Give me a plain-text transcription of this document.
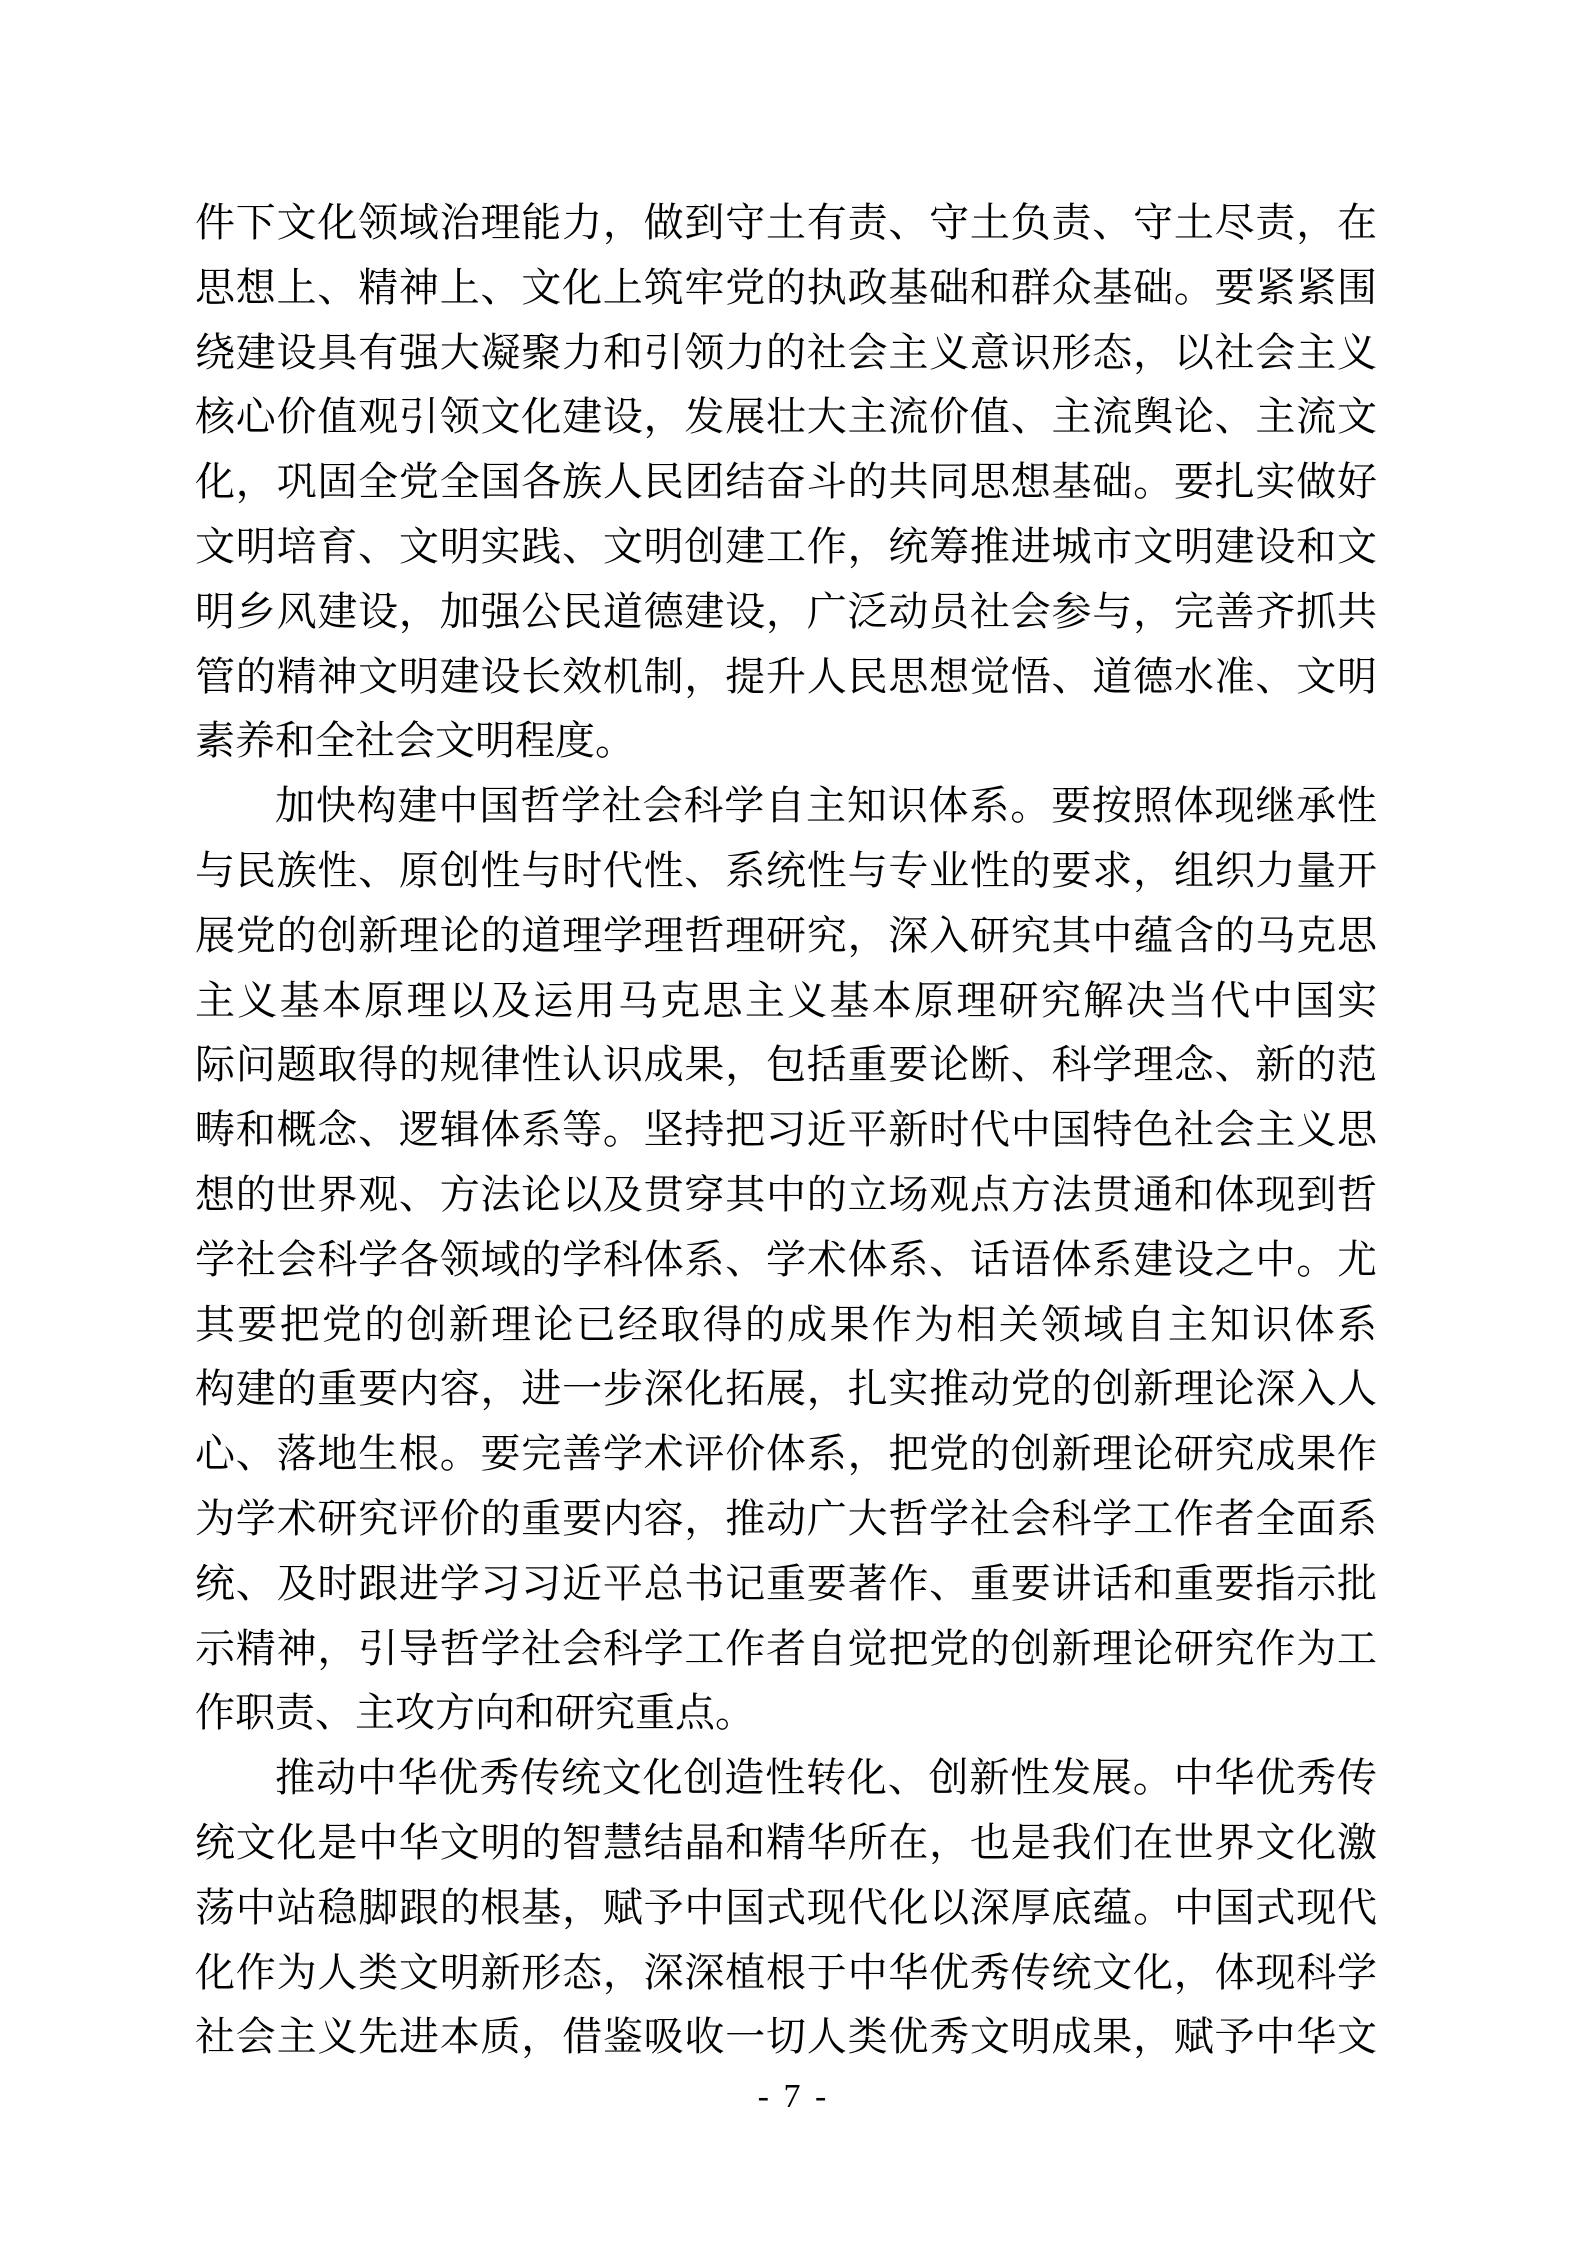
件下文化领域治理能力，做到守土有责、守土负责、守土尽责，在
思想上、精神上、文化上筑牢党的执政基础和群众基础。要紧紧围
绕建设具有强大凝聚力和引领力的社会主义意识形态，以社会主义
核心价值观引领文化建设，发展壮大主流价值、主流舆论、主流文
化，巩固全党全国各族人民团结奋斗的共同思想基础。要扎实做好
文明培育、文明实践、文明创建工作，统筹推进城市文明建设和文
明乡风建设，加强公民道德建设，广泛动员社会参与，完善齐抓共
管的精神文明建设长效机制，提升人民思想觉悟、道德水准、文明
素养和全社会文明程度。
加快构建中国哲学社会科学自主知识体系。要按照体现继承性
与民族性、原创性与时代性、系统性与专业性的要求，组织力量开
展党的创新理论的道理学理哲理研究，深入研究其中蕴含的马克思
主义基本原理以及运用马克思主义基本原理研究解决当代中国实
际问题取得的规律性认识成果，包括重要论断、科学理念、新的范
畴和概念、逻辑体系等。坚持把习近平新时代中国特色社会主义思
想的世界观、方法论以及贯穿其中的立场观点方法贯通和体现到哲
学社会科学各领域的学科体系、学术体系、话语体系建设之中。尤
其要把党的创新理论已经取得的成果作为相关领域自主知识体系
构建的重要内容，进一步深化拓展，扎实推动党的创新理论深入人
心、落地生根。要完善学术评价体系，把党的创新理论研究成果作
为学术研究评价的重要内容，推动广大哲学社会科学工作者全面系
统、及时跟进学习习近平总书记重要著作、重要讲话和重要指示批
示精神，引导哲学社会科学工作者自觉把党的创新理论研究作为工
作职责、主攻方向和研究重点。
推动中华优秀传统文化创造性转化、创新性发展。中华优秀传
统文化是中华文明的智慧结晶和精华所在，也是我们在世界文化激
荡中站稳脚跟的根基，赋予中国式现代化以深厚底蕴。中国式现代
化作为人类文明新形态，深深植根于中华优秀传统文化，体现科学
社会主义先进本质，借鉴吸收一切人类优秀文明成果，赋予中华文
- 7 -
